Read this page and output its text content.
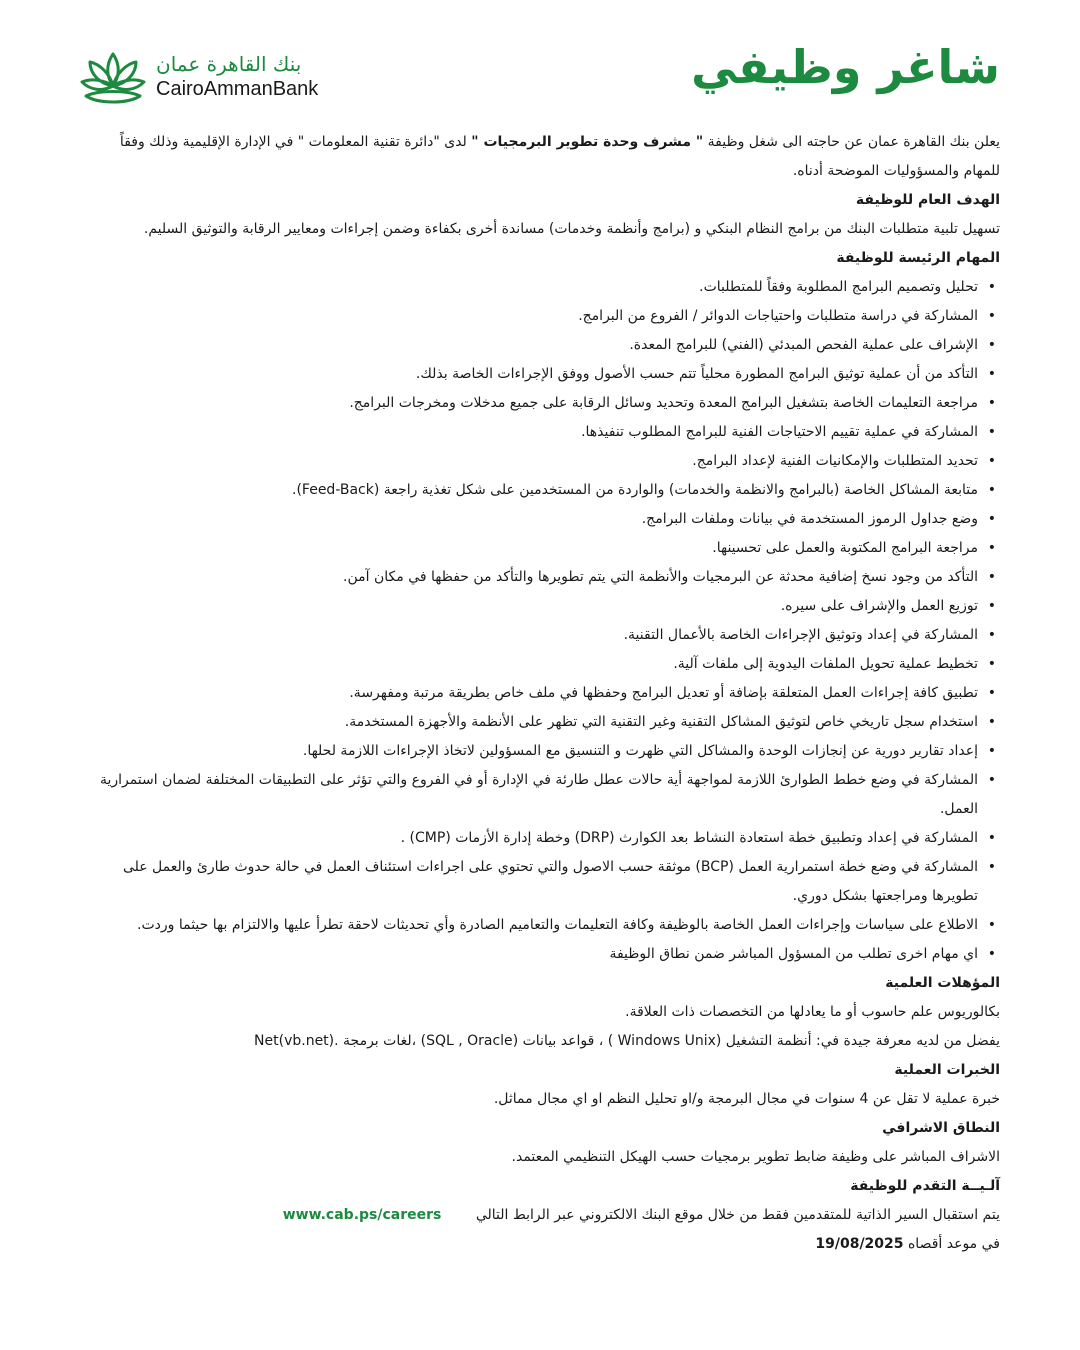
شاغر وظيفي
بنك القاهرة عمان
CairoAmmanBank

يعلن بنك القاهرة عمان عن حاجته الى شغل وظيفة " مشرف وحدة تطوير البرمجيات " لدى "دائرة تقنية المعلومات " في الإدارة الإقليمية وذلك وفقاً للمهام والمسؤوليات الموضحة أدناه.

الهدف العام للوظيفة

تسهيل تلبية متطلبات البنك من برامج النظام البنكي و (برامج وأنظمة وخدمات) مساندة أخرى بكفاءة وضمن إجراءات ومعايير الرقابة والتوثيق السليم.

المهام الرئيسة للوظيفة
• تحليل وتصميم البرامج المطلوبة وفقاً للمتطلبات.
• المشاركة في دراسة متطلبات واحتياجات الدوائر / الفروع من البرامج.
• الإشراف على عملية الفحص المبدئي (الفني) للبرامج المعدة.
• التأكد من أن عملية توثيق البرامج المطورة محلياً تتم حسب الأصول ووفق الإجراءات الخاصة بذلك.
• مراجعة التعليمات الخاصة بتشغيل البرامج المعدة وتحديد وسائل الرقابة على جميع مدخلات ومخرجات البرامج.
• المشاركة في عملية تقييم الاحتياجات الفنية للبرامج المطلوب تنفيذها.
• تحديد المتطلبات والإمكانيات الفنية لإعداد البرامج.
• متابعة المشاكل الخاصة (بالبرامج والانظمة والخدمات) والواردة من المستخدمين على شكل تغذية راجعة (Feed-Back).
• وضع جداول الرموز المستخدمة في بيانات وملفات البرامج.
• مراجعة البرامج المكتوبة والعمل على تحسينها.
• التأكد من وجود نسخ إضافية محدثة عن البرمجيات والأنظمة التي يتم تطويرها والتأكد من حفظها في مكان آمن.
• توزيع العمل والإشراف على سيره.
• المشاركة في إعداد وتوثيق الإجراءات الخاصة بالأعمال التقنية.
• تخطيط عملية تحويل الملفات اليدوية إلى ملفات آلية.
• تطبيق كافة إجراءات العمل المتعلقة بإضافة أو تعديل البرامج وحفظها في ملف خاص بطريقة مرتبة ومفهرسة.
• استخدام سجل تاريخي خاص لتوثيق المشاكل التقنية وغير التقنية التي تظهر على الأنظمة والأجهزة المستخدمة.
• إعداد تقارير دورية عن إنجازات الوحدة والمشاكل التي ظهرت و التنسيق مع المسؤولين لاتخاذ الإجراءات اللازمة لحلها.
• المشاركة في وضع خطط الطوارئ اللازمة لمواجهة أية حالات عطل طارئة في الإدارة أو في الفروع والتي تؤثر على التطبيقات المختلفة لضمان استمرارية العمل.
• المشاركة في إعداد وتطبيق خطة استعادة النشاط بعد الكوارث (DRP) وخطة إدارة الأزمات (CMP) .
• المشاركة في وضع خطة استمرارية العمل (BCP) موثقة حسب الاصول والتي تحتوي على اجراءات استئناف العمل في حالة حدوث طارئ والعمل على تطويرها ومراجعتها بشكل دوري.
• الاطلاع على سياسات وإجراءات العمل الخاصة بالوظيفة وكافة التعليمات والتعاميم الصادرة وأي تحديثات لاحقة تطرأ عليها والالتزام بها حيثما وردت.
• اي مهام اخرى تطلب من المسؤول المباشر ضمن نطاق الوظيفة
المؤهلات العلمية

بكالوريوس علم حاسوب أو ما يعادلها من التخصصات ذات العلاقة.

يفضل من لديه معرفة جيدة في: أنظمة التشغيل (Windows Unix ) ، قواعد بيانات (SQL , Oracle) ،لغات برمجة .Net(vb.net)

الخبرات العملية

خبرة عملية لا تقل عن 4 سنوات في مجال البرمجة و/او تحليل النظم او اي مجال مماثل.

النطاق الاشرافي

الاشراف المباشر على وظيفة ضابط تطوير برمجيات حسب الهيكل التنظيمي المعتمد.

آلـيــة التقدم للوظيفة

يتم استقبال السير الذاتية للمتقدمين فقط من خلال موقع البنك الالكتروني عبر الرابط التالي www.cab.ps/careers

في موعد أقصاه 19/08/2025
